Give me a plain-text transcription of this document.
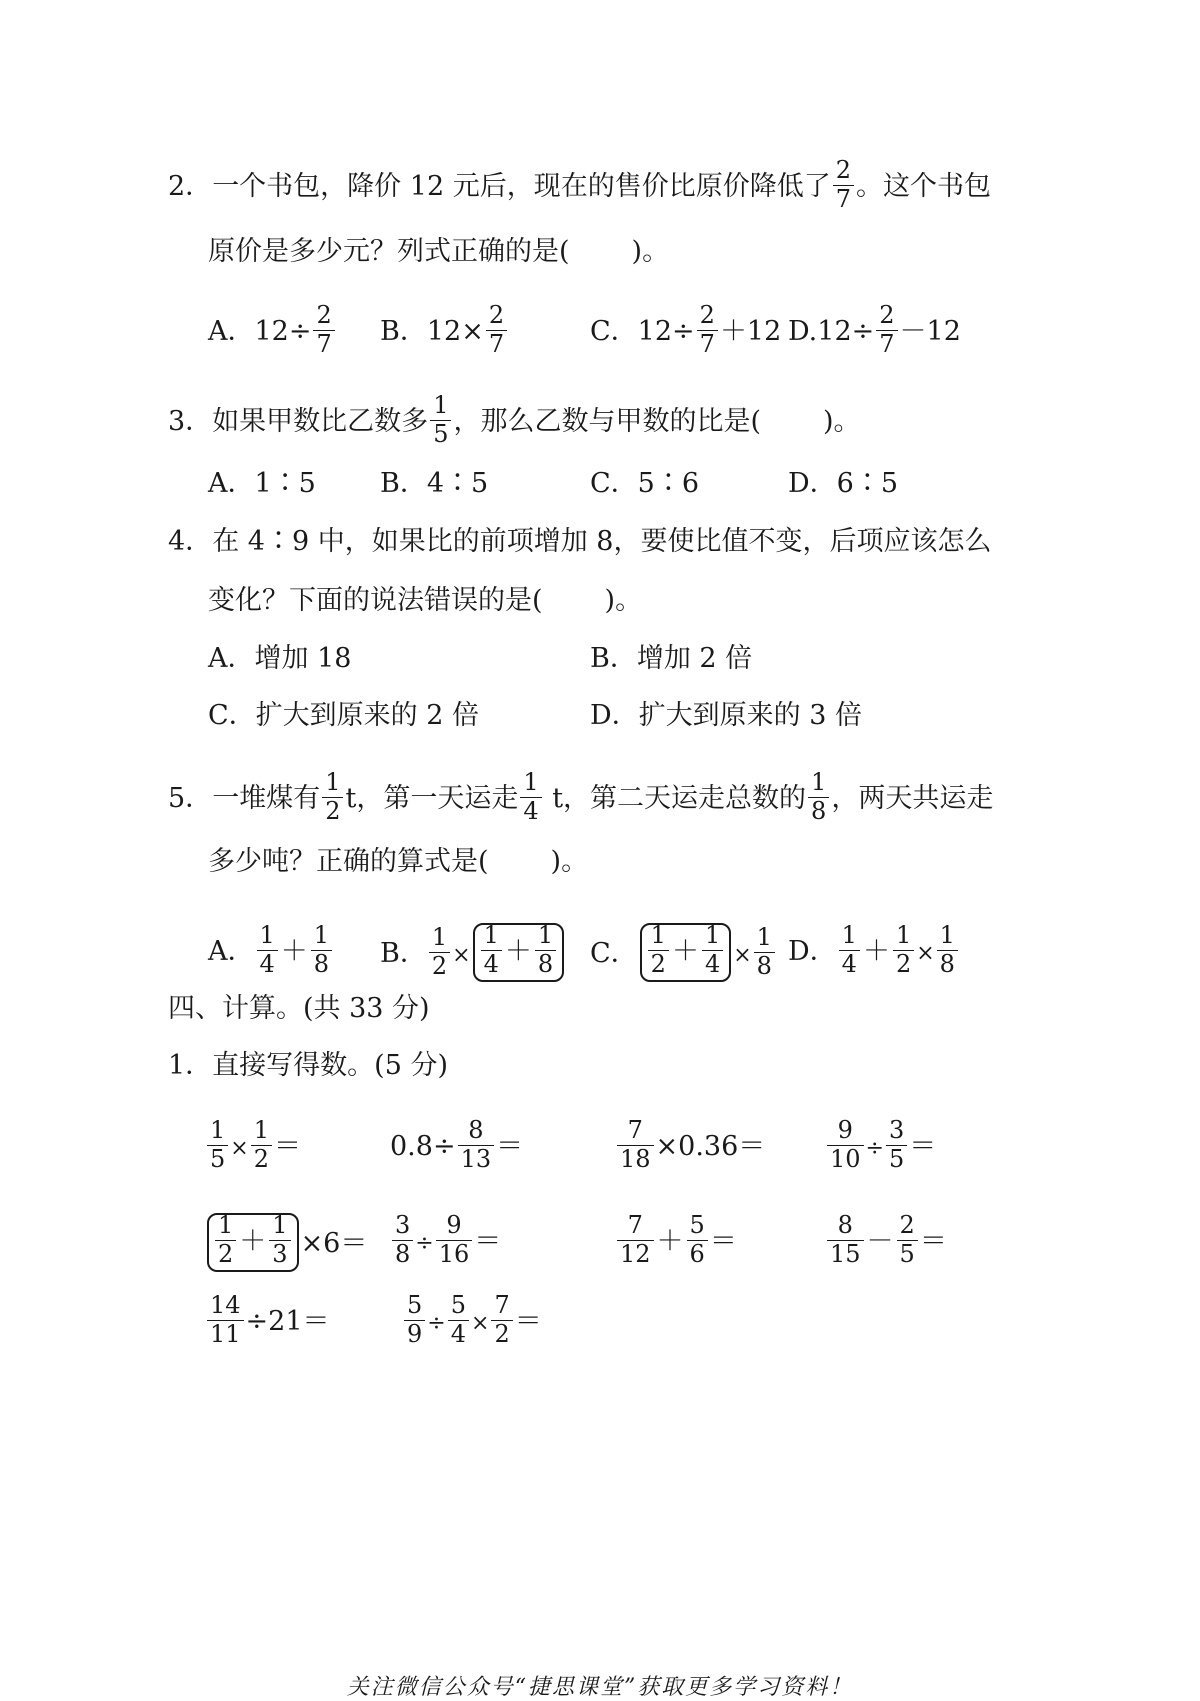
2．一个书包，降价 12 元后，现在的售价比原价降低了 $\frac{2}{7}$ 。这个书包
原价是多少元？列式正确的是( )。
A．$12\div \frac{2}{7}$ B．$12\times \frac{2}{7}$	C．$12\div \frac{2}{7} +12$ $D.12\div \frac{2}{7} -12$
3．如果甲数比乙数多 $\frac{1}{5}$ ，那么乙数与甲数的比是( )。
A．1∶5 B．4∶5	C．5∶6	D．6∶5
4．在 4∶9 中，如果比的前项增加 8，要使比值不变，后项应该怎么
变化？下面的说法错误的是( )。
A．增加 18	B．增加 2 倍
C．扩大到原来的 2 倍	D．扩大到原来的 3 倍
5．一堆煤有 $\frac{1}{2}$ t，第一天运走 $\frac{1}{4}$ t，第二天运走总数的 $\frac{1}{8}$ ，两天共运走
多少吨？正确的算式是( )。
A． $\frac{1}{4} + \frac{1}{8}$ B． $\frac{1}{2} \times \frac{1}{4} + \frac{1}{8}$ C． $\frac{1}{2} + \frac{1}{4} \times \frac{1}{8}$ D． $\frac{1}{4} + \frac{1}{2} \times \frac{1}{8}$
四、计算。(共 33 分)
1．直接写得数。(5 分)
$\frac{1}{5} \times \frac{1}{2}$ ＝	$0.8\div \frac{8}{13}$ ＝	$\frac{7}{18} \times 0.36=$	$\frac{9}{10} \div \frac{3}{5}$ ＝
$\frac{1}{2} + \frac{1}{3} \times 6= \frac{3}{8} \div \frac{9}{16}$ ＝	$\frac{7}{12} + \frac{5}{6}$ ＝	$\frac{8}{15} - \frac{2}{5}$ ＝
$\frac{14}{11} \div 21=$	$\frac{5}{9} \div \frac{5}{4} \times \frac{7}{2}$ ＝
关注微信公众号“捷思课堂”获取更多学习资料！
